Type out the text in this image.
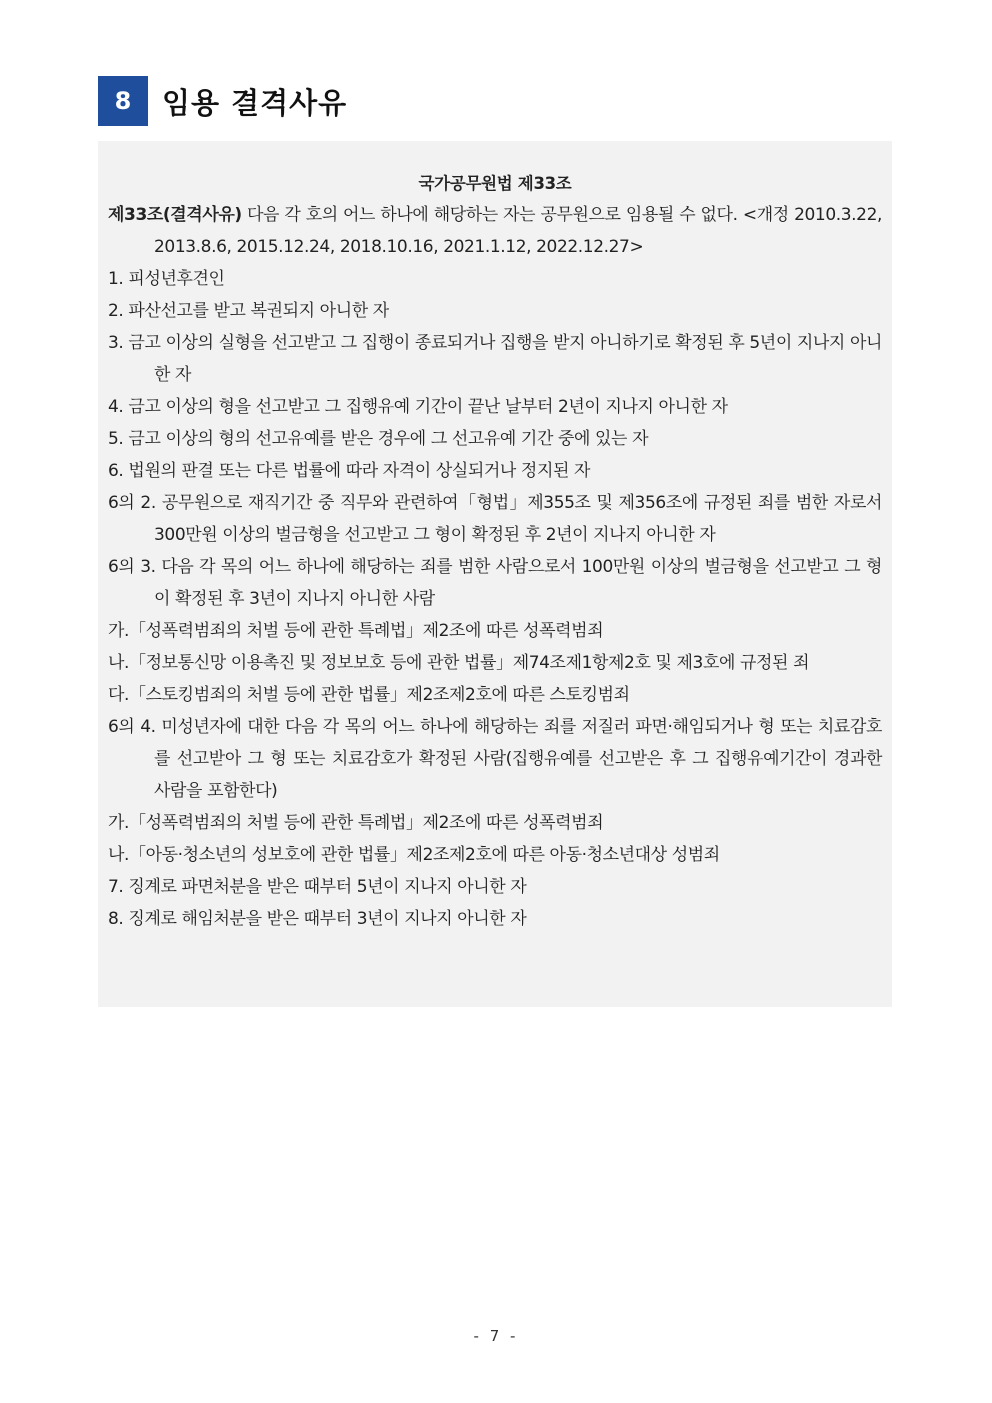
8	임용 결격사유
국가공무원법 제33조
제33조(결격사유) 다음 각 호의 어느 하나에 해당하는 자는 공무원으로 임용될 수 없다. <개정 2010.3.22, 2013.8.6, 2015.12.24, 2018.10.16, 2021.1.12, 2022.12.27>
1. 피성년후견인
2. 파산선고를 받고 복권되지 아니한 자
3. 금고 이상의 실형을 선고받고 그 집행이 종료되거나 집행을 받지 아니하기로 확정된 후 5년이 지나지 아니한 자
4. 금고 이상의 형을 선고받고 그 집행유예 기간이 끝난 날부터 2년이 지나지 아니한 자
5. 금고 이상의 형의 선고유예를 받은 경우에 그 선고유예 기간 중에 있는 자
6. 법원의 판결 또는 다른 법률에 따라 자격이 상실되거나 정지된 자
6의 2. 공무원으로 재직기간 중 직무와 관련하여「형법」제355조 및 제356조에 규정된 죄를 범한 자로서 300만원 이상의 벌금형을 선고받고 그 형이 확정된 후 2년이 지나지 아니한 자
6의 3. 다음 각 목의 어느 하나에 해당하는 죄를 범한 사람으로서 100만원 이상의 벌금형을 선고받고 그 형이 확정된 후 3년이 지나지 아니한 사람
가.「성폭력범죄의 처벌 등에 관한 특례법」제2조에 따른 성폭력범죄
나.「정보통신망 이용촉진 및 정보보호 등에 관한 법률」제74조제1항제2호 및 제3호에 규정된 죄
다.「스토킹범죄의 처벌 등에 관한 법률」제2조제2호에 따른 스토킹범죄
6의 4. 미성년자에 대한 다음 각 목의 어느 하나에 해당하는 죄를 저질러 파면·해임되거나 형 또는 치료감호를 선고받아 그 형 또는 치료감호가 확정된 사람(집행유예를 선고받은 후 그 집행유예기간이 경과한 사람을 포함한다)
가.「성폭력범죄의 처벌 등에 관한 특례법」제2조에 따른 성폭력범죄
나.「아동·청소년의 성보호에 관한 법률」제2조제2호에 따른 아동·청소년대상 성범죄
7. 징계로 파면처분을 받은 때부터 5년이 지나지 아니한 자
8. 징계로 해임처분을 받은 때부터 3년이 지나지 아니한 자
- 7 -
